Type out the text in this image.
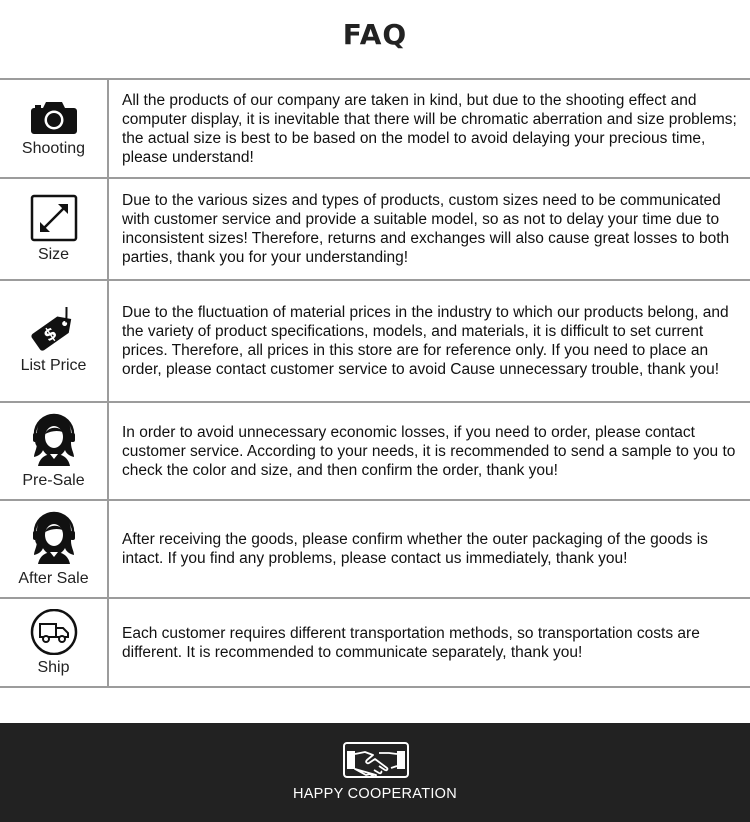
FAQ
Shooting
All the products of our company are taken in kind, but due to the shooting effect and computer display, it is inevitable that there will be chromatic aberration and size problems; the actual size is best to be based on the model to avoid delaying your precious time, please understand!
Size
Due to the various sizes and types of products, custom sizes need to be communicated with customer service and provide a suitable model, so as not to delay your time due to inconsistent sizes! Therefore, returns and exchanges will also cause great losses to both parties, thank you for your understanding!
$
List Price
Due to the fluctuation of material prices in the industry to which our products belong, and the variety of product specifications, models, and materials, it is difficult to set current prices. Therefore, all prices in this store are for reference only. If you need to place an order, please contact customer service to avoid Cause unnecessary trouble, thank you!
Pre-Sale
In order to avoid unnecessary economic losses, if you need to order, please contact customer service. According to your needs, it is recommended to send a sample to you to check the color and size, and then confirm the order, thank you!
After Sale
After receiving the goods, please confirm whether the outer packaging of the goods is intact. If you find any problems, please contact us immediately, thank you!
Ship
Each customer requires different transportation methods, so transportation costs are different. It is recommended to communicate separately, thank you!
HAPPY COOPERATION
